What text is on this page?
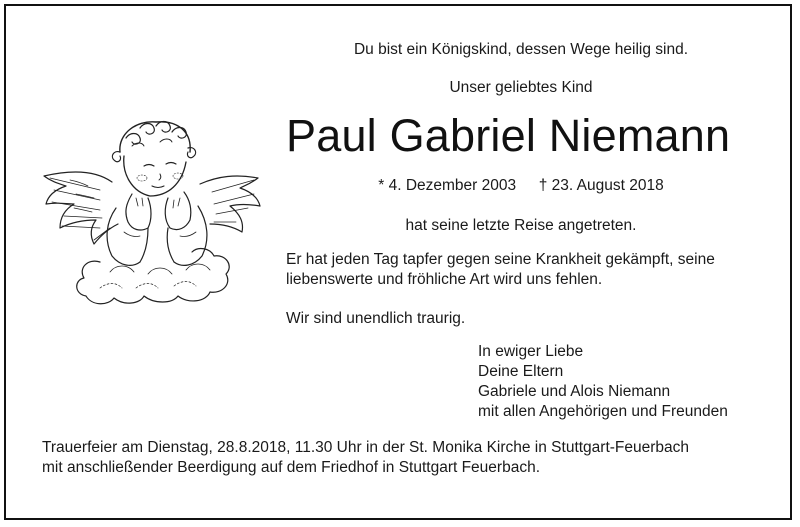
Du bist ein Königskind, dessen Wege heilig sind.
Unser geliebtes Kind
Paul Gabriel Niemann
* 4. Dezember 2003 † 23. August 2018
hat seine letzte Reise angetreten.
Er hat jeden Tag tapfer gegen seine Krankheit gekämpft, seine
liebenswerte und fröhliche Art wird uns fehlen.
Wir sind unendlich traurig.
In ewiger Liebe
Deine Eltern
Gabriele und Alois Niemann
mit allen Angehörigen und Freunden
Trauerfeier am Dienstag, 28.8.2018, 11.30 Uhr in der St. Monika Kirche in Stuttgart-Feuerbach
mit anschließender Beerdigung auf dem Friedhof in Stuttgart Feuerbach.
